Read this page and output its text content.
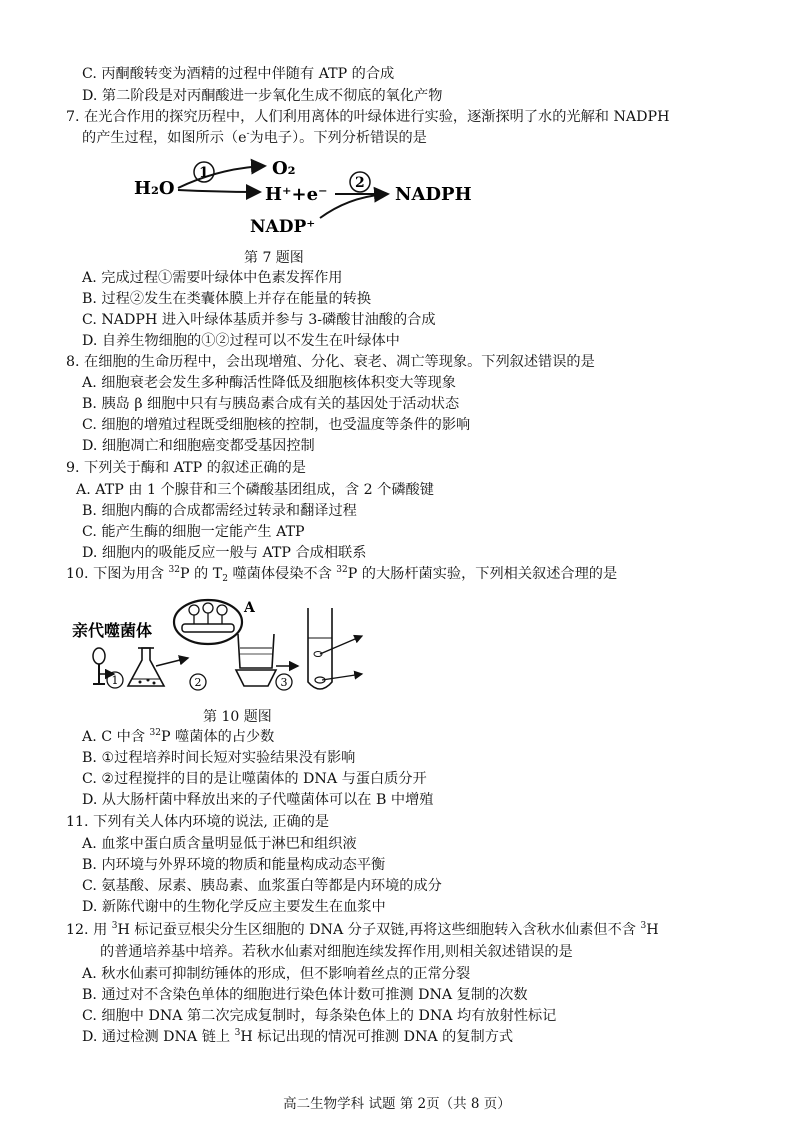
C. 丙酮酸转变为酒精的过程中伴随有 ATP 的合成
D. 第二阶段是对丙酮酸进一步氧化生成不彻底的氧化产物
7. 在光合作用的探究历程中，人们利用离体的叶绿体进行实验，逐渐探明了水的光解和 NADPH
的产生过程，如图所示（e-为电子）。下列分析错误的是
H₂O
1	O₂
H⁺+e⁻
2
NADPH
NADP⁺
第 7 题图
A. 完成过程①需要叶绿体中色素发挥作用
B. 过程②发生在类囊体膜上并存在能量的转换
C. NADPH 进入叶绿体基质并参与 3-磷酸甘油酸的合成
D. 自养生物细胞的①②过程可以不发生在叶绿体中
8. 在细胞的生命历程中，会出现增殖、分化、衰老、凋亡等现象。下列叙述错误的是
A. 细胞衰老会发生多种酶活性降低及细胞核体积变大等现象
B. 胰岛 β 细胞中只有与胰岛素合成有关的基因处于活动状态
C. 细胞的增殖过程既受细胞核的控制，也受温度等条件的影响
D. 细胞凋亡和细胞癌变都受基因控制
9. 下列关于酶和 ATP 的叙述正确的是
A. ATP 由 1 个腺苷和三个磷酸基团组成，含 2 个磷酸键
B. 细胞内酶的合成都需经过转录和翻译过程
C. 能产生酶的细胞一定能产生 ATP
D. 细胞内的吸能反应一般与 ATP 合成相联系
10. 下图为用含 $^{32}$P 的 $T_2$ 噬菌体侵染不含 $^{32}$P 的大肠杆菌实验，下列相关叙述合理的是
亲代噬菌体
1	2
A
3
第 10 题图
A. C 中含 $^{32}$P 噬菌体的占少数
B. ①过程培养时间长短对实验结果没有影响
C. ②过程搅拌的目的是让噬菌体的 DNA 与蛋白质分开
D. 从大肠杆菌中释放出来的子代噬菌体可以在 B 中增殖
11. 下列有关人体内环境的说法, 正确的是
A. 血浆中蛋白质含量明显低于淋巴和组织液
B. 内环境与外界环境的物质和能量构成动态平衡
C. 氨基酸、尿素、胰岛素、血浆蛋白等都是内环境的成分
D. 新陈代谢中的生物化学反应主要发生在血浆中
12. 用 $^3$H 标记蚕豆根尖分生区细胞的 DNA 分子双链,再将这些细胞转入含秋水仙素但不含 $^3$H
的普通培养基中培养。若秋水仙素对细胞连续发挥作用,则相关叙述错误的是
A. 秋水仙素可抑制纺锤体的形成，但不影响着丝点的正常分裂
B. 通过对不含染色单体的细胞进行染色体计数可推测 DNA 复制的次数
C. 细胞中 DNA 第二次完成复制时，每条染色体上的 DNA 均有放射性标记
D. 通过检测 DNA 链上 $^3$H 标记出现的情况可推测 DNA 的复制方式
高二生物学科 试题 第 2页（共 8 页）
